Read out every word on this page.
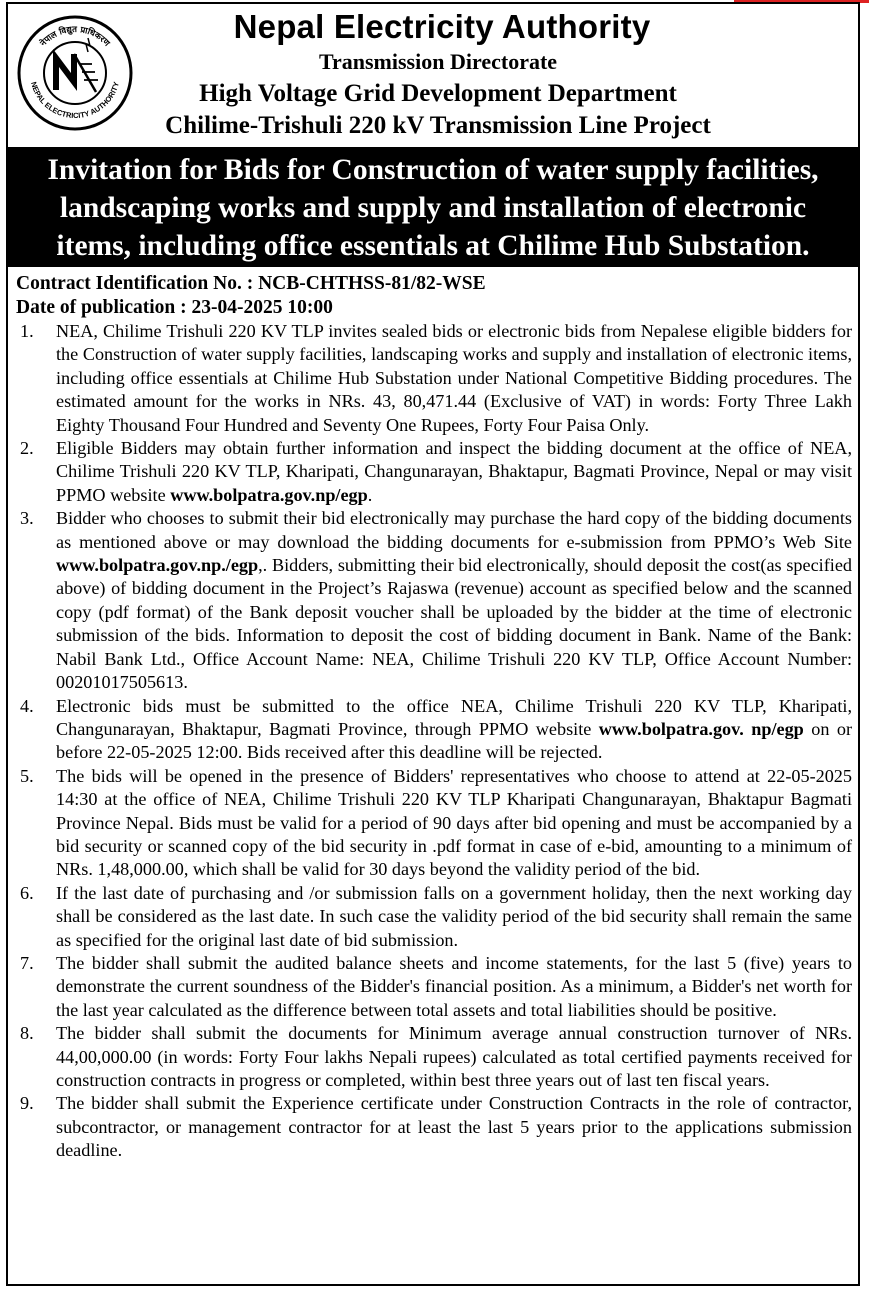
नेपाल विद्युत प्राधिकरण
NEPAL ELECTRICITY AUTHORITY
Nepal Electricity Authority
Transmission Directorate
High Voltage Grid Development Department
Chilime-Trishuli 220 kV Transmission Line Project
Invitation for Bids for Construction of water supply facilities,
landscaping works and supply and installation of electronic
items, including office essentials at Chilime Hub Substation.
Contract Identification No. : NCB-CHTHSS-81/82-WSE
Date of publication : 23-04-2025 10:00
1. NEA, Chilime Trishuli 220 KV TLP invites sealed bids or electronic bids from Nepalese eligible bidders for the Construction of water supply facilities, landscaping works and supply and installation of electronic items, including office essentials at Chilime Hub Substation under National Competitive Bidding procedures. The estimated amount for the works in NRs. 43, 80,471.44 (Exclusive of VAT) in words: Forty Three Lakh Eighty Thousand Four Hundred and Seventy One Rupees, Forty Four Paisa Only.
2. Eligible Bidders may obtain further information and inspect the bidding document at the office of NEA, Chilime Trishuli 220 KV TLP, Kharipati, Changunarayan, Bhaktapur, Bagmati Province, Nepal or may visit PPMO website www.bolpatra.gov.np/egp.
3. Bidder who chooses to submit their bid electronically may purchase the hard copy of the bidding documents as mentioned above or may download the bidding documents for e-submission from PPMO’s Web Site www.bolpatra.gov.np./egp,. Bidders, submitting their bid electronically, should deposit the cost(as specified above) of bidding document in the Project’s Rajaswa (revenue) account as specified below and the scanned copy (pdf format) of the Bank deposit voucher shall be uploaded by the bidder at the time of electronic submission of the bids. Information to deposit the cost of bidding document in Bank. Name of the Bank: Nabil Bank Ltd., Office Account Name: NEA, Chilime Trishuli 220 KV TLP, Office Account Number: 00201017505613.
4. Electronic bids must be submitted to the office NEA, Chilime Trishuli 220 KV TLP, Kharipati, Changunarayan, Bhaktapur, Bagmati Province, through PPMO website www.bolpatra.gov. np/egp on or before 22-05-2025 12:00. Bids received after this deadline will be rejected.
5. The bids will be opened in the presence of Bidders' representatives who choose to attend at 22-05-2025 14:30 at the office of NEA, Chilime Trishuli 220 KV TLP Kharipati Changunarayan, Bhaktapur Bagmati Province Nepal. Bids must be valid for a period of 90 days after bid opening and must be accompanied by a bid security or scanned copy of the bid security in .pdf format in case of e-bid, amounting to a minimum of NRs. 1,48,000.00, which shall be valid for 30 days beyond the validity period of the bid.
6. If the last date of purchasing and /or submission falls on a government holiday, then the next working day shall be considered as the last date. In such case the validity period of the bid security shall remain the same as specified for the original last date of bid submission.
7. The bidder shall submit the audited balance sheets and income statements, for the last 5 (five) years to demonstrate the current soundness of the Bidder's financial position. As a minimum, a Bidder's net worth for the last year calculated as the difference between total assets and total liabilities should be positive.
8. The bidder shall submit the documents for Minimum average annual construction turnover of NRs. 44,00,000.00 (in words: Forty Four lakhs Nepali rupees) calculated as total certified payments received for construction contracts in progress or completed, within best three years out of last ten fiscal years.
9. The bidder shall submit the Experience certificate under Construction Contracts in the role of contractor, subcontractor, or management contractor for at least the last 5 years prior to the applications submission deadline.
